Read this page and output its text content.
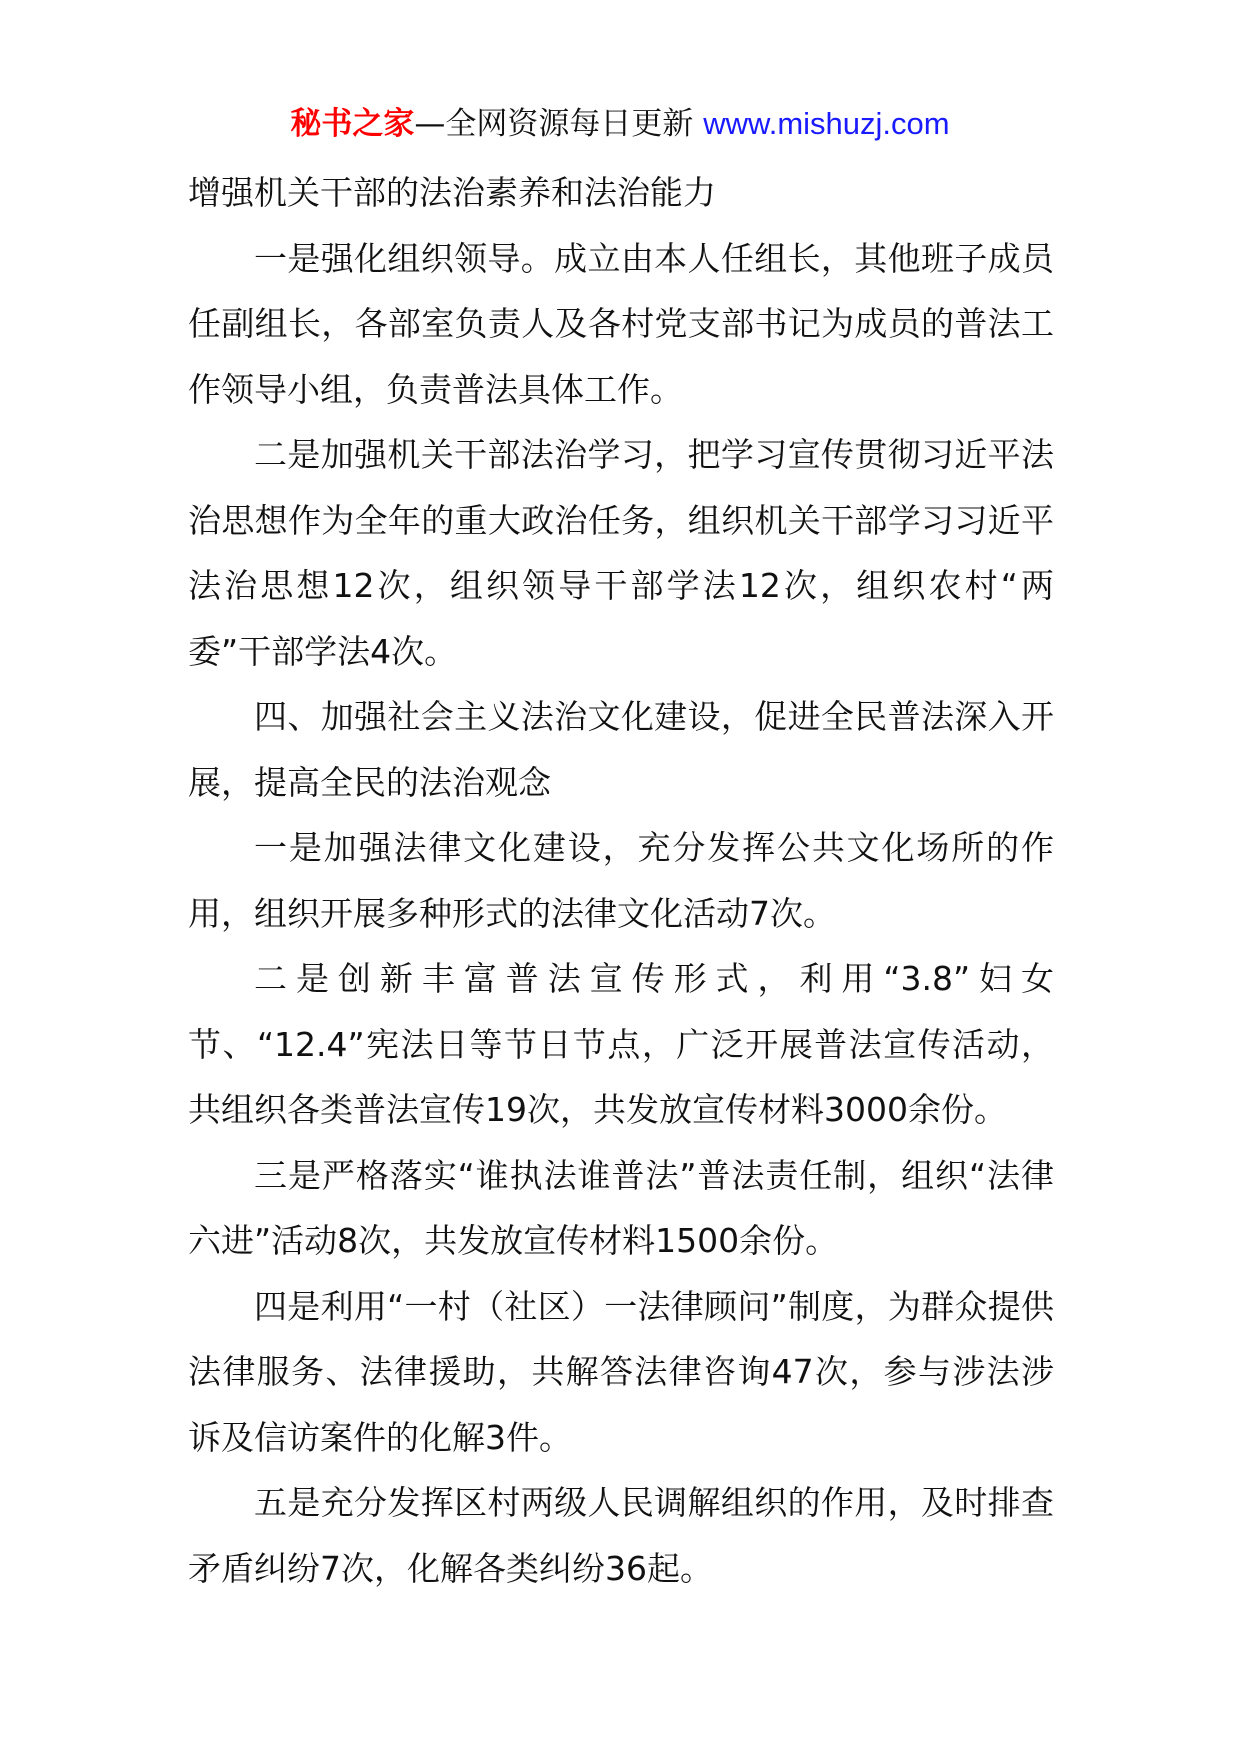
秘书之家—全网资源每日更新 www.mishuzj.com

增强机关干部的法治素养和法治能力

一是强化组织领导。成立由本人任组长，其他班子成员任副组长，各部室负责人及各村党支部书记为成员的普法工作领导小组，负责普法具体工作。

二是加强机关干部法治学习，把学习宣传贯彻习近平法治思想作为全年的重大政治任务，组织机关干部学习习近平法治思想12次，组织领导干部学法12次，组织农村“两委”干部学法4次。

四、加强社会主义法治文化建设，促进全民普法深入开展，提高全民的法治观念

一是加强法律文化建设，充分发挥公共文化场所的作用，组织开展多种形式的法律文化活动7次。

二是创新丰富普法宣传形式，利用“3.8”妇女节、“12.4”宪法日等节日节点，广泛开展普法宣传活动，共组织各类普法宣传19次，共发放宣传材料3000余份。

三是严格落实“谁执法谁普法”普法责任制，组织“法律六进”活动8次，共发放宣传材料1500余份。

四是利用“一村（社区）一法律顾问”制度，为群众提供法律服务、法律援助，共解答法律咨询47次，参与涉法涉诉及信访案件的化解3件。

五是充分发挥区村两级人民调解组织的作用，及时排查矛盾纠纷7次，化解各类纠纷36起。
